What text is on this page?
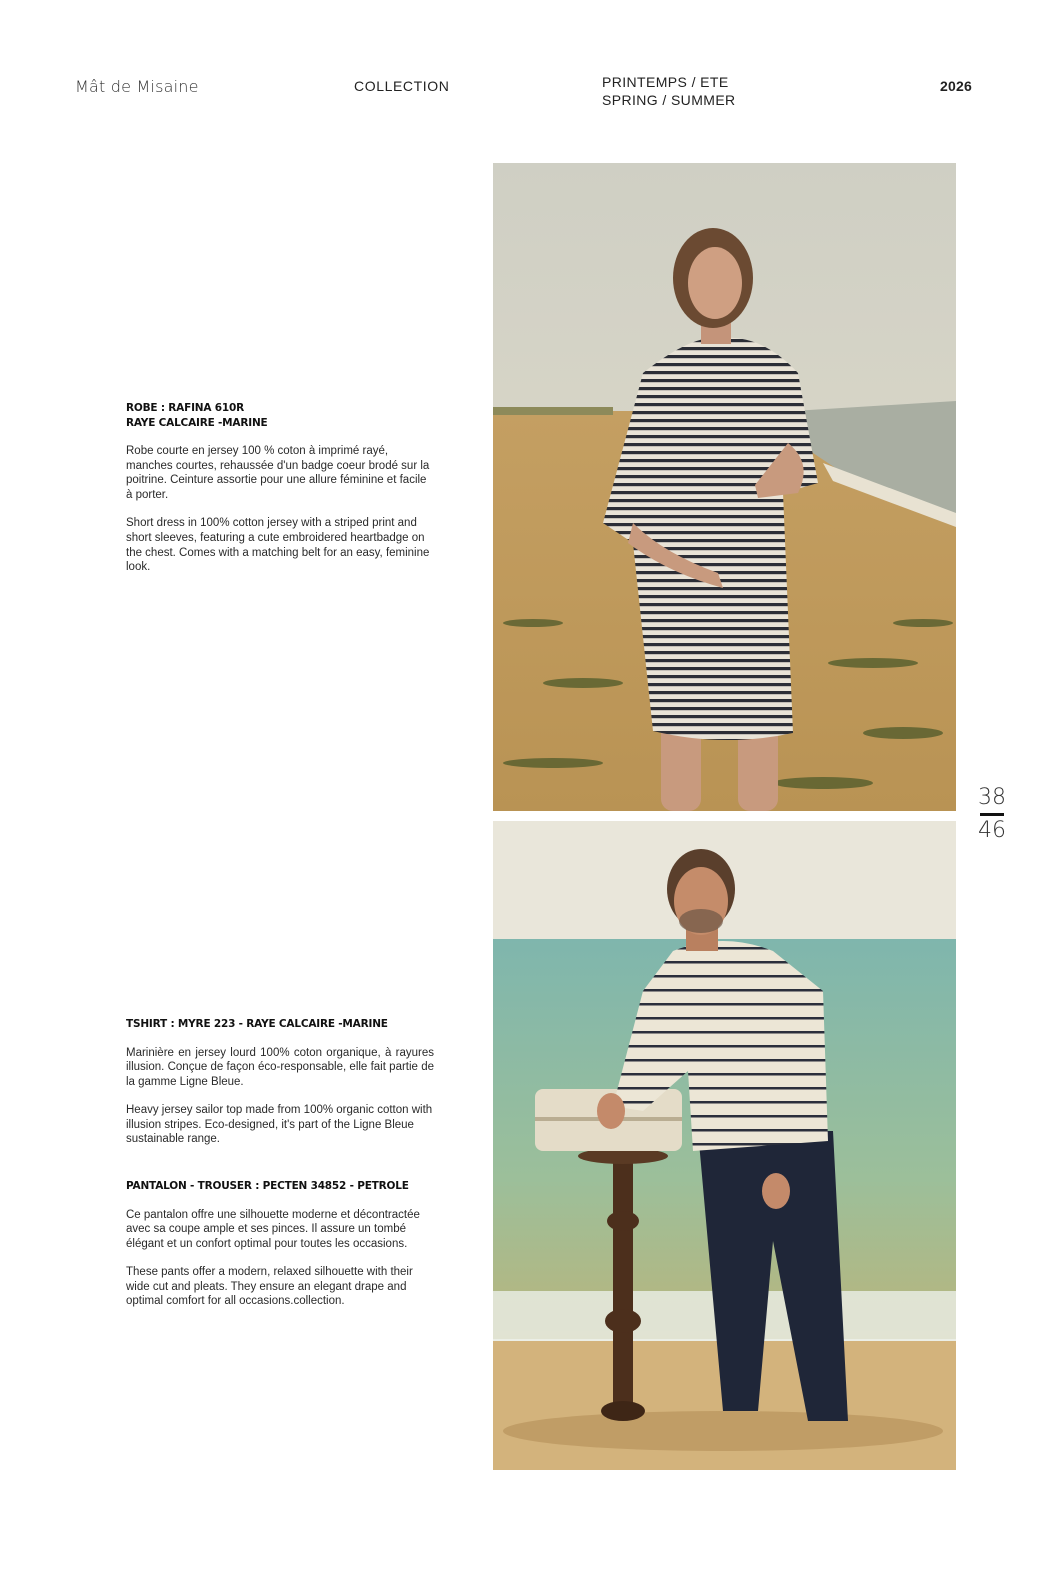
Mât de Misaine	COLLECTION	PRINTEMPS / ETE
SPRING / SUMMER
2026
38
46
ROBE : RAFINA 610R
RAYE CALCAIRE -MARINE

Robe courte en jersey 100 % coton à imprimé rayé, manches courtes, rehaussée d'un badge coeur brodé sur la poitrine. Ceinture assortie pour une allure féminine et facile à porter.

Short dress in 100% cotton jersey with a striped print and short sleeves, featuring a cute embroidered heartbadge on the chest. Comes with a matching belt for an easy, feminine look.

TSHIRT : MYRE 223 - RAYE CALCAIRE -MARINE

Marinière en jersey lourd 100% coton organique, à rayures illusion. Conçue de façon éco-responsable, elle fait partie de la gamme Ligne Bleue.

Heavy jersey sailor top made from 100% organic cotton with illusion stripes. Eco-designed, it's part of the Ligne Bleue sustainable range.

PANTALON - TROUSER : PECTEN 34852 - PETROLE

Ce pantalon offre une silhouette moderne et décontractée avec sa coupe ample et ses pinces. Il assure un tombé élégant et un confort optimal pour toutes les occasions.

These pants offer a modern, relaxed silhouette with their wide cut and pleats. They ensure an elegant drape and optimal comfort for all occasions.collection.
